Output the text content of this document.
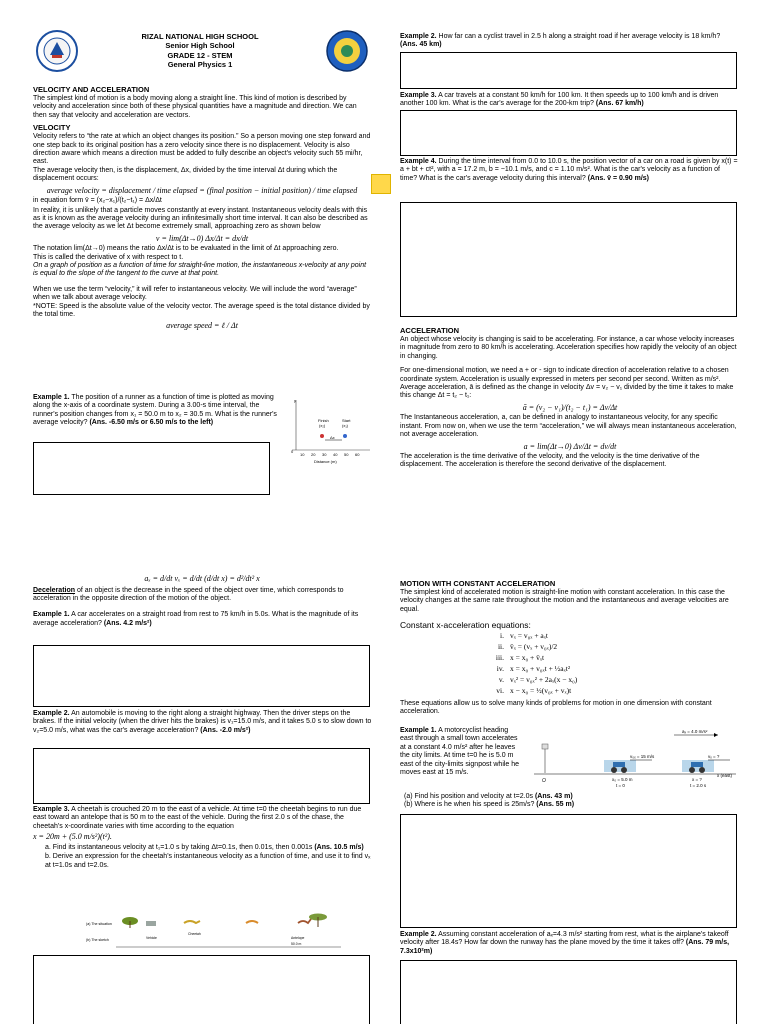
RIZAL NATIONAL HIGH SCHOOL
Senior High School
GRADE 12 - STEM
General Physics 1
VELOCITY AND ACCELERATION

The simplest kind of motion is a body moving along a straight line. This kind of motion is described by velocity and acceleration since both of these physical quantities have a magnitude and direction. We can then say that velocity and acceleration are vectors.

VELOCITY

Velocity refers to “the rate at which an object changes its position.” So a person moving one step forward and one step back to its original position has a zero velocity since there is no displacement. Velocity is also direction aware which means a direction must be added to fully describe an object's velocity such 55 mi/hr, east.

The average velocity then, is the displacement, Δx, divided by the time interval Δt during which the displacement occurs:

average velocity = displacement / time elapsed = (final position − initial position) / time elapsed

in equation form v̄ = (x₂−x₁)/(t₂−t₁) = Δx/Δt

In reality, it is unlikely that a particle moves constantly at every instant. Instantaneous velocity deals with this as it is known as the average velocity during an infinitesimally short time interval. It can also be described as the average velocity as we let Δt become extremely small, approaching zero as shown below

v = lim(Δt→0) Δx/Δt = dx/dt

The notation lim(Δt→0) means the ratio Δx/Δt is to be evaluated in the limit of Δt approaching zero.

This is called the derivative of x with respect to t.

On a graph of position as a function of time for straight-line motion, the instantaneous x-velocity at any point is equal to the slope of the tangent to the curve at that point.

When we use the term “velocity,” it will refer to instantaneous velocity. We will include the word “average” when we talk about average velocity.

*NOTE: Speed is the absolute value of the velocity vector. The average speed is the total distance divided by the total time.

average speed = ℓ / Δt

Example 1. The position of a runner as a function of time is plotted as moving along the x-axis of a coordinate system. During a 3.00-s time interval, the runner's position changes from x₁ = 50.0 m to x₂ = 30.5 m. What is the runner's average velocity? (Ans. -6.50 m/s or 6.50 m/s to the left)

y
0
Finish
(x₂)
Start
(x₁)
Δx
10 20 30 40 50 60
Distance (m)

Example 2. How far can a cyclist travel in 2.5 h along a straight road if her average velocity is 18 km/h? (Ans. 45 km)

Example 3. A car travels at a constant 50 km/h for 100 km. It then speeds up to 100 km/h and is driven another 100 km. What is the car's average for the 200-km trip? (Ans. 67 km/h)

Example 4. During the time interval from 0.0 to 10.0 s, the position vector of a car on a road is given by x(t) = a + bt + ct², with a = 17.2 m, b = −10.1 m/s, and c = 1.10 m/s². What is the car's velocity as a function of time? What is the car's average velocity during this interval? (Ans. v̄ = 0.90 m/s)

ACCELERATION

An object whose velocity is changing is said to be accelerating. For instance, a car whose velocity increases in magnitude from zero to 80 km/h is accelerating. Acceleration specifies how rapidly the velocity of an object in changing.

For one-dimensional motion, we need a + or - sign to indicate direction of acceleration relative to a chosen coordinate system. Acceleration is usually expressed in meters per second per second. Written as m/s². Average acceleration, ā is defined as the change in velocity Δv = v₂ − v₁ divided by the time it takes to make this change Δt = t₂ − t₁:

ā = (v₂ − v₁)/(t₂ − t₁) = Δv/Δt

The Instantaneous acceleration, a, can be defined in analogy to instantaneous velocity, for any specific instant. From now on, when we use the term “acceleration,” we will always mean instantaneous acceleration, not average acceleration.

a = lim(Δt→0) Δv/Δt = dv/dt

The acceleration is the time derivative of the velocity, and the velocity is the time derivative of the displacement. The acceleration is therefore the second derivative of the displacement.

aₓ = d/dt vₓ = d/dt (d/dt x) = d²/dt² x

Deceleration of an object is the decrease in the speed of the object over time, which corresponds to acceleration in the opposite direction of the motion of the object.

Example 1. A car accelerates on a straight road from rest to 75 km/h in 5.0s. What is the magnitude of its average acceleration? (Ans. 4.2 m/s²)

Example 2. An automobile is moving to the right along a straight highway. Then the driver steps on the brakes. If the initial velocity (when the driver hits the brakes) is v₁=15.0 m/s, and it takes 5.0 s to slow down to v₂=5.0 m/s, what was the car's average acceleration? (Ans. -2.0 m/s²)

Example 3. A cheetah is crouched 20 m to the east of a vehicle. At time t=0 the cheetah begins to run due east toward an antelope that is 50 m to the east of the vehicle. During the first 2.0 s of the chase, the cheetah's x-coordinate varies with time according to the equation

x = 20m + (5.0 m/s²)(t²).
a. Find its instantaneous velocity at t₁=1.0 s by taking Δt=0.1s, then 0.01s, then 0.001s (Ans. 10.5 m/s)
b. Derive an expression for the cheetah's instantaneous velocity as a function of time, and use it to find vₓ at t=1.0s and t=2.0s.
(a) The situation
(b) The sketch	Vehicle
Cheetah
Antelope
50.0 m
MOTION WITH CONSTANT ACCELERATION

The simplest kind of accelerated motion is straight-line motion with constant acceleration. In this case the velocity changes at the same rate throughout the motion and the instantaneous and average velocities are equal.

Constant x-acceleration equations:
i. vₓ = v₀ₓ + aₓt
ii. v̄ₓ = (vₓ + v₀ₓ)/2
iii. x = x₀ + v̄ₓt
iv. x = x₀ + v₀ₓt + ½aₓt²
v. vₓ² = v₀ₓ² + 2aₓ(x − x₀)
vi. x − x₀ = ½(v₀ₓ + vₓ)t

These equations allow us to solve many kinds of problems for motion in one dimension with constant acceleration.

Example 1. A motorcyclist heading east through a small town accelerates at a constant 4.0 m/s² after he leaves the city limits. At time t=0 he is 5.0 m east of the city-limits signpost while he moves east at 15 m/s.

(a) Find his position and velocity at t=2.0s (Ans. 43 m)
(b) Where is he when his speed is 25m/s? (Ans. 55 m)
aₓ = 4.0 m/s²
v₀ₓ = 15 m/s	vₓ = ?
O	x₀ = 5.0 m
t = 0
x = ?
t = 2.0 s
x (east)

Example 2. Assuming constant acceleration of aₓ=4.3 m/s² starting from rest, what is the airplane's takeoff velocity after 18.4s? How far down the runway has the plane moved by the time it takes off? (Ans. 79 m/s, 7.3x10²m)
